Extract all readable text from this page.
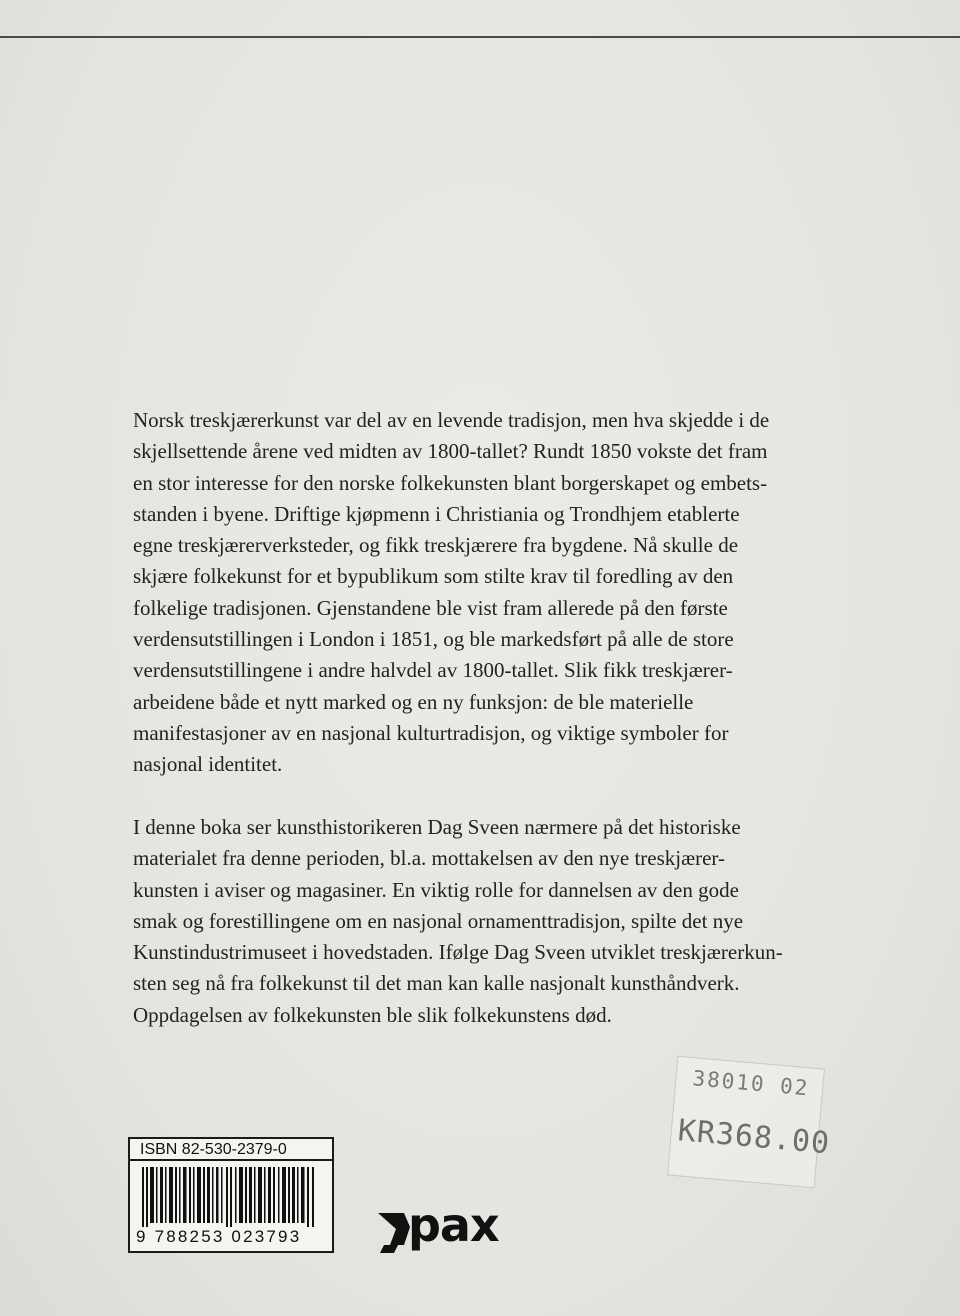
Norsk treskjærerkunst var del av en levende tradisjon, men hva skjedde i de
skjellsettende årene ved midten av 1800-tallet? Rundt 1850 vokste det fram
en stor interesse for den norske folkekunsten blant borgerskapet og embets-
standen i byene. Driftige kjøpmenn i Christiania og Trondhjem etablerte
egne treskjærerverksteder, og fikk treskjærere fra bygdene. Nå skulle de
skjære folkekunst for et bypublikum som stilte krav til foredling av den
folkelige tradisjonen. Gjenstandene ble vist fram allerede på den første
verdensutstillingen i London i 1851, og ble markedsført på alle de store
verdensutstillingene i andre halvdel av 1800-tallet. Slik fikk treskjærer-
arbeidene både et nytt marked og en ny funksjon: de ble materielle
manifestasjoner av en nasjonal kulturtradisjon, og viktige symboler for
nasjonal identitet.
I denne boka ser kunsthistorikeren Dag Sveen nærmere på det historiske
materialet fra denne perioden, bl.a. mottakelsen av den nye treskjærer-
kunsten i aviser og magasiner. En viktig rolle for dannelsen av den gode
smak og forestillingene om en nasjonal ornamenttradisjon, spilte det nye
Kunstindustrimuseet i hovedstaden. Ifølge Dag Sveen utviklet treskjærerkun-
sten seg nå fra folkekunst til det man kan kalle nasjonalt kunsthåndverk.
Oppdagelsen av folkekunsten ble slik folkekunstens død.
ISBN 82-530-2379-0
9 788253 023793	pax
38010 02
KR368.00
